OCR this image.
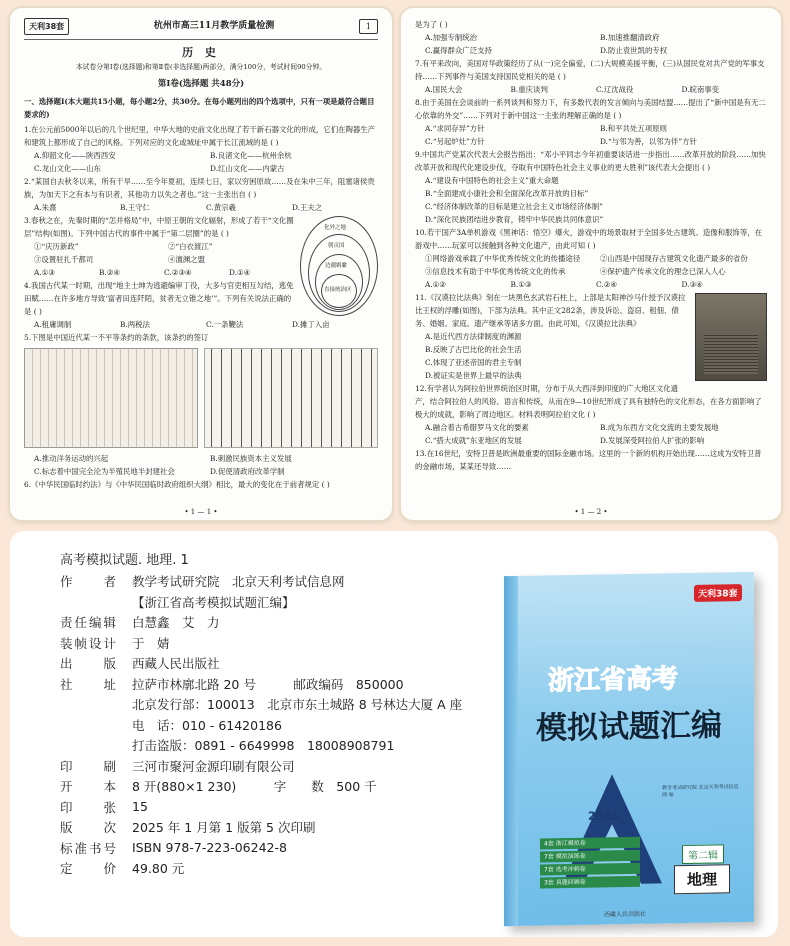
天利38套	杭州市高三11月教学质量检测	1
历 史
本试卷分第Ⅰ卷(选择题)和第Ⅱ卷(非选择题)两部分，满分100分，考试时间90分钟。
第Ⅰ卷(选择题 共48分)
一、选择题Ⅰ(本大题共15小题，每小题2分，共30分。在每小题列出的四个选项中，只有一项是最符合题目要求的)

1.在公元前5000年以后的几个世纪里，中华大地的史前文化出现了若干新石器文化的形成，它们在陶器生产和建筑上都形成了自己的风格。下列对应的文化或城址中属于长江流域的是 ( )

A.仰韶文化——陕西西安	B.良渚文化——杭州余杭
C.龙山文化——山东	D.红山文化——内蒙古

2.“某国自去秋冬以来，所有干旱……至今年夏初，连续七日，家以穷困原故……及在朱中三年，阻塞诸侯贵族，为加天下之有本与有识者，其他功力以失之者也。”这一主张出自 ( )

A.朱熹	B.王守仁	C.黄宗羲	D.王夫之
化外之地
朝贡国
边疆羁縻
直接统治区

3.春秋之在，先秦时期的“怎并格局”中，中原王朝的文化辐射，形成了若干“文化圈层”结构(如图)。下列中国古代的事件中属于“第二层圈”的是 ( )

①“庆历新政”	②“白衣渡江”
③设置驻扎千都司	④澶渊之盟
A.①③	B.②④	C.②③④	D.①④

4.我国古代某一时期，出现“地主士绅为逃避编审丁役，大多与官吏相互勾结，逃免田赋……在许多地方导致‘富者田连阡陌，贫者无立锥之地’”。下列有关说法正确的是 ( )

A.租庸调制	B.两税法	C.一条鞭法	D.摊丁入亩

5.下图是中国近代某一不平等条约的条款，该条约的签订

A.推动洋务运动的兴起	B.刺激民族资本主义发展
C.标志着中国完全沦为半殖民地半封建社会	D.促使清政府改革学制

6.《中华民国临时约法》与《中华民国临时政府组织大纲》相比，最大的变化在于前者规定 ( )

• 1 — 1 •

是为了 ( )

A.加强专制统治	B.加速推翻清政府
C.赢得群众广泛支持	D.防止袁世凯的专权

7.有平来改向，美国对华政策经历了从(一)完全偏爱，(二)大规模美援平衡，(三)从国民党对共产党的军事支持……下列事件与美国支持国民党相关的是 ( )

A.国民大会	B.重庆谈判	C.辽沈战役	D.皖南事变

8.由于美国在会谈前的一系列谈判和努力下，有多数代表的发言倾向与美国结盟……提出了“新中国是有无二心依靠的外交”……下列对于新中国这一主张的理解正确的是 ( )

A.“求同存异”方针	B.和平共处五项原则
C.“另起炉灶”方针	D.“与邻为善，以邻为伴”方针

9.中国共产党某次代表大会报告指出：“邓小平同志今年初重要谈话进一步指出……改革开放的阶段……加快改革开放和现代化建设步伐，夺取有中国特色社会主义事业的更大胜利”该代表大会提出 ( )

A.“建设有中国特色的社会主义”重大命题
B.“全面建成小康社会和全面深化改革开放的目标”
C.“经济体制改革的目标是建立社会主义市场经济体制”
D.“深化民族团结进步教育，铸牢中华民族共同体意识”

10.若干国产3A单机游戏《黑神话：悟空》爆火，游戏中的场景取材于全国多处古建筑、造像和服饰等，在游戏中……玩家可以接触到各种文化遗产，由此可知 ( )

①网络游戏承载了中华优秀传统文化的传播途径	②山西是中国现存古建筑文化遗产最多的省份
③信息技术有助于中华优秀传统文化的传承	④保护遗产传承文化的理念已深入人心
A.①②	B.①③	C.②④	D.③④

11.《汉谟拉比法典》刻在一块黑色玄武岩石柱上，上部是太阳神沙马什授予汉谟拉比王权的浮雕(如图)，下部为法典。其中正文282条，涉及诉讼、盗窃、租佃、债务、婚姻、家庭、遗产继承等诸多方面。由此可知，《汉谟拉比法典》

A.是近代西方法律制度的渊源
B.反映了古巴比伦的社会生活
C.体现了亚述帝国的君主专制
D.被证实是世界上最早的法典

12.有学者认为阿拉伯世界统治区时期，分布于从大西洋到印度的广大地区文化遗产，结合阿拉伯人的风俗、语言和传统，从而在9—10世纪形成了具有独特色的文化形态，在各方面影响了极大的成就，影响了周边地区。材料表明阿拉伯文化 ( )

A.融合着古希腊罗马文化的要素	B.成为东西方文化交流的主要发展地
C.“搭大成就”东亚地区的发展	D.发展深受阿拉伯人扩张的影响

13.在16世纪，安特卫普是欧洲最重要的国际金融市场。这里的一个新的机构开始出现……这成为安特卫普的金融市场，某某还导致……

• 1 — 2 •
高考模拟试题. 地理. 1
作　　者	教学考试研究院　北京天利考试信息网
【浙江省高考模拟试题汇编】
责任编辑	白慧鑫　艾　力
装帧设计	于　婧
出　　版	西藏人民出版社
社　　址	拉萨市林廓北路 20 号　　　邮政编码　850000
北京发行部：100013　北京市东土城路 8 号林达大厦 A 座
电　话：010 - 61420186
打击盗版：0891 - 6649998　18008908791
印　　刷	三河市聚河金源印刷有限公司
开　　本	8 开(880×1 230)　　　字　　数　500 千
印　　张	15
版　　次	2025 年 1 月第 1 版第 5 次印刷
标准书号	ISBN 978-7-223-06242-8
定　　价	49.80 元
天利38套
浙江省高考
模拟试题汇编
教学考试研究院 北京天利考试信息网 编
2025
4套 浙江模拟卷
7套 模拟演练卷
7套 选考冲刺卷
3套 真题回顾卷
第二辑
地理
西藏人民出版社
